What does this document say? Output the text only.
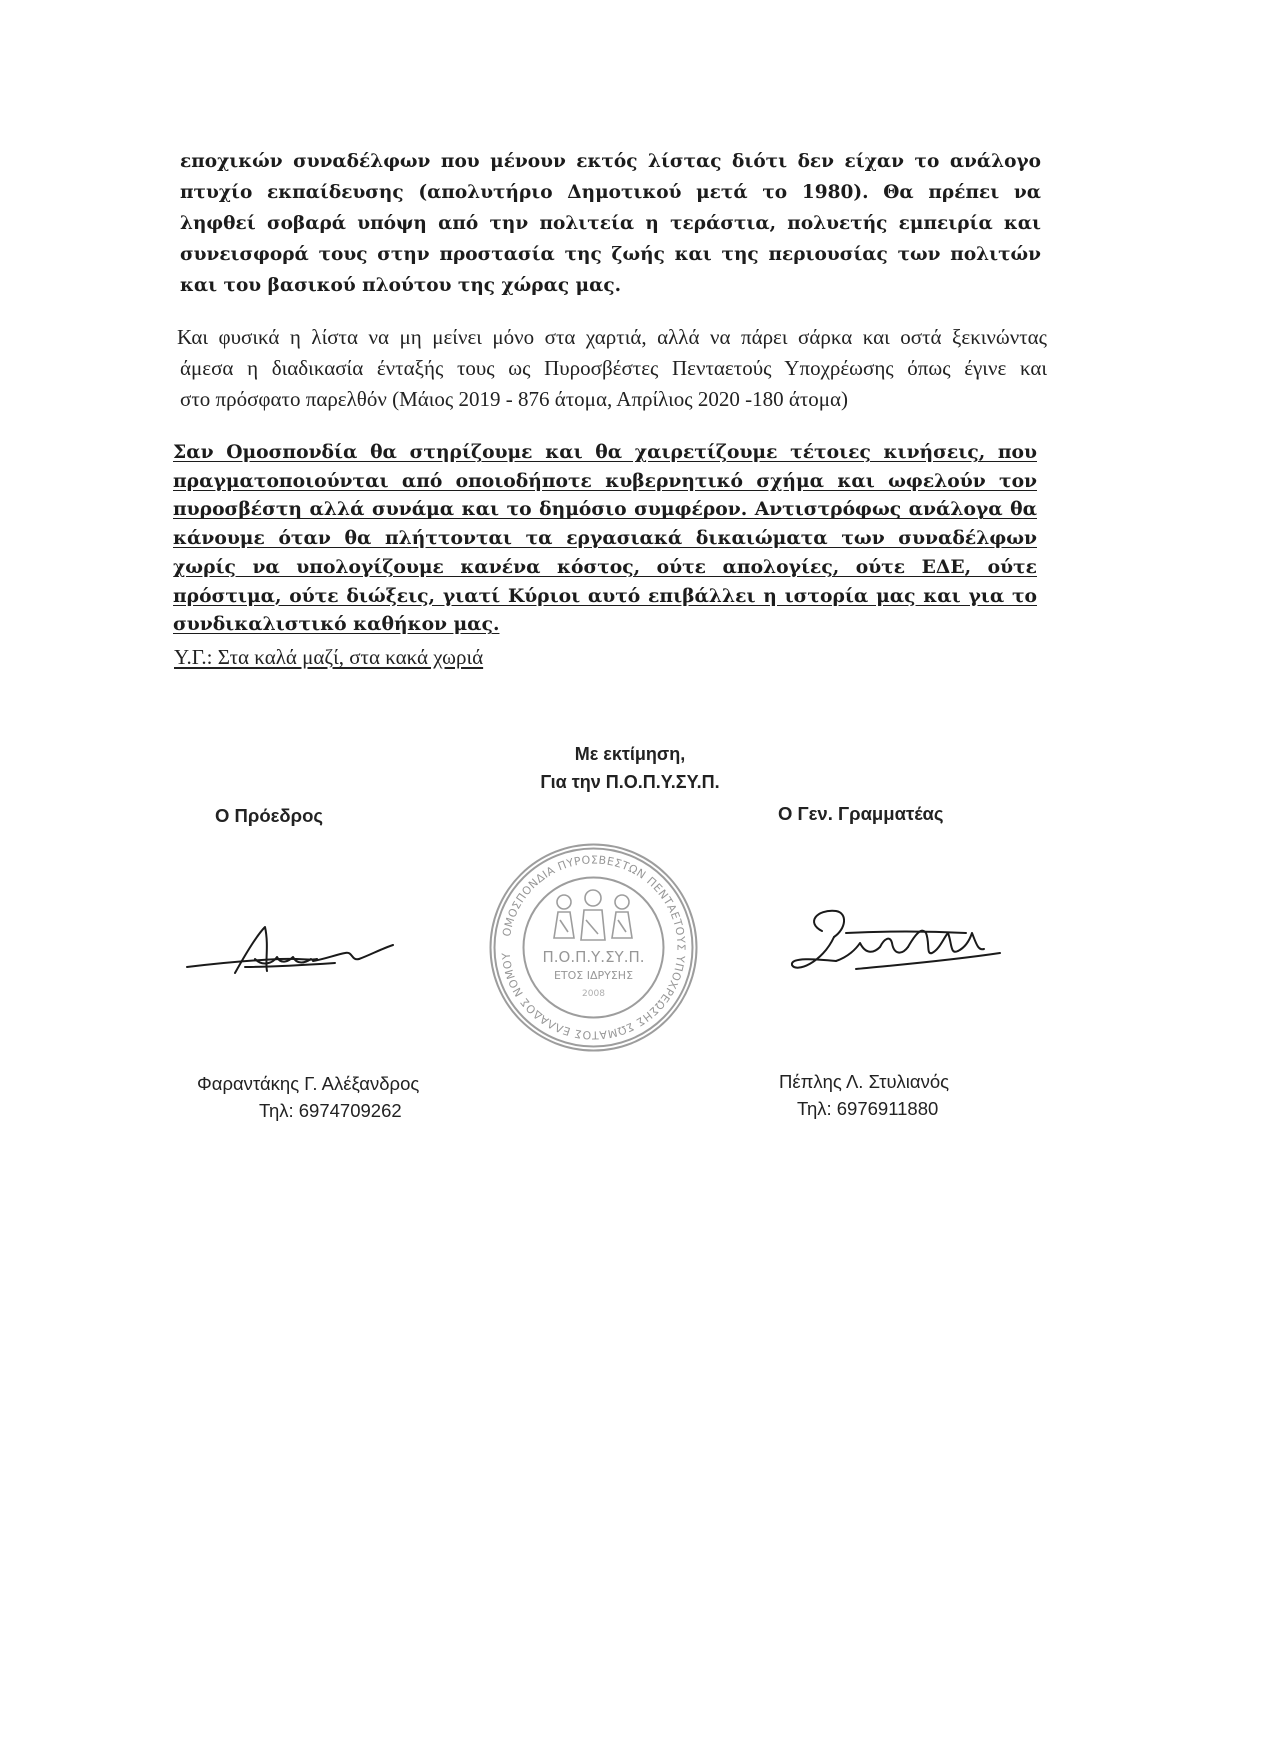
εποχικών συναδέλφων που μένουν εκτός λίστας διότι δεν είχαν το ανάλογο πτυχίο εκπαίδευσης (απολυτήριο Δημοτικού μετά το 1980). Θα πρέπει να ληφθεί σοβαρά υπόψη από την πολιτεία η τεράστια, πολυετής εμπειρία και συνεισφορά τους στην προστασία της ζωής και της περιουσίας των πολιτών και του βασικού πλούτου της χώρας μας.

Και φυσικά η λίστα να μη μείνει μόνο στα χαρτιά, αλλά να πάρει σάρκα και οστά ξεκινώντας
άμεσα η διαδικασία ένταξής τους ως Πυροσβέστες Πενταετούς Υποχρέωσης όπως έγινε και
στο πρόσφατο παρελθόν (Μάιος 2019 - 876 άτομα, Απρίλιος 2020 -180 άτομα)

Σαν Ομοσπονδία θα στηρίζουμε και θα χαιρετίζουμε τέτοιες κινήσεις, που πραγματοποιούνται από οποιοδήποτε κυβερνητικό σχήμα και ωφελούν τον πυροσβέστη αλλά συνάμα και το δημόσιο συμφέρον. Αντιστρόφως ανάλογα θα κάνουμε όταν θα πλήττονται τα εργασιακά δικαιώματα των συναδέλφων χωρίς να υπολογίζουμε κανένα κόστος, ούτε απολογίες, ούτε ΕΔΕ, ούτε πρόστιμα, ούτε διώξεις, γιατί Κύριοι αυτό επιβάλλει η ιστορία μας και για το συνδικαλιστικό καθήκον μας.

Υ.Γ.: Στα καλά μαζί, στα κακά χωριά

Με εκτίμηση,
Για την Π.Ο.Π.Υ.ΣΥ.Π.
Ο Πρόεδρος	Ο Γεν. Γραμματέας
ΟΜΟΣΠΟΝΔΙΑ ΠΥΡΟΣΒΕΣΤΩΝ ΠΕΝΤΑΕΤΟΥΣ ΥΠΟΧΡΕΩΣΗΣ ΣΩΜΑΤΟΣ ΕΛΛΑΔΟΣ ΝΟΜΟΥ	Π.Ο.Π.Υ.ΣΥ.Π.
ΕΤΟΣ ΙΔΡΥΣΗΣ
2008
Φαραντάκης Γ. Αλέξανδρος
Τηλ: 6974709262
Πέπλης Λ. Στυλιανός
Τηλ: 6976911880
